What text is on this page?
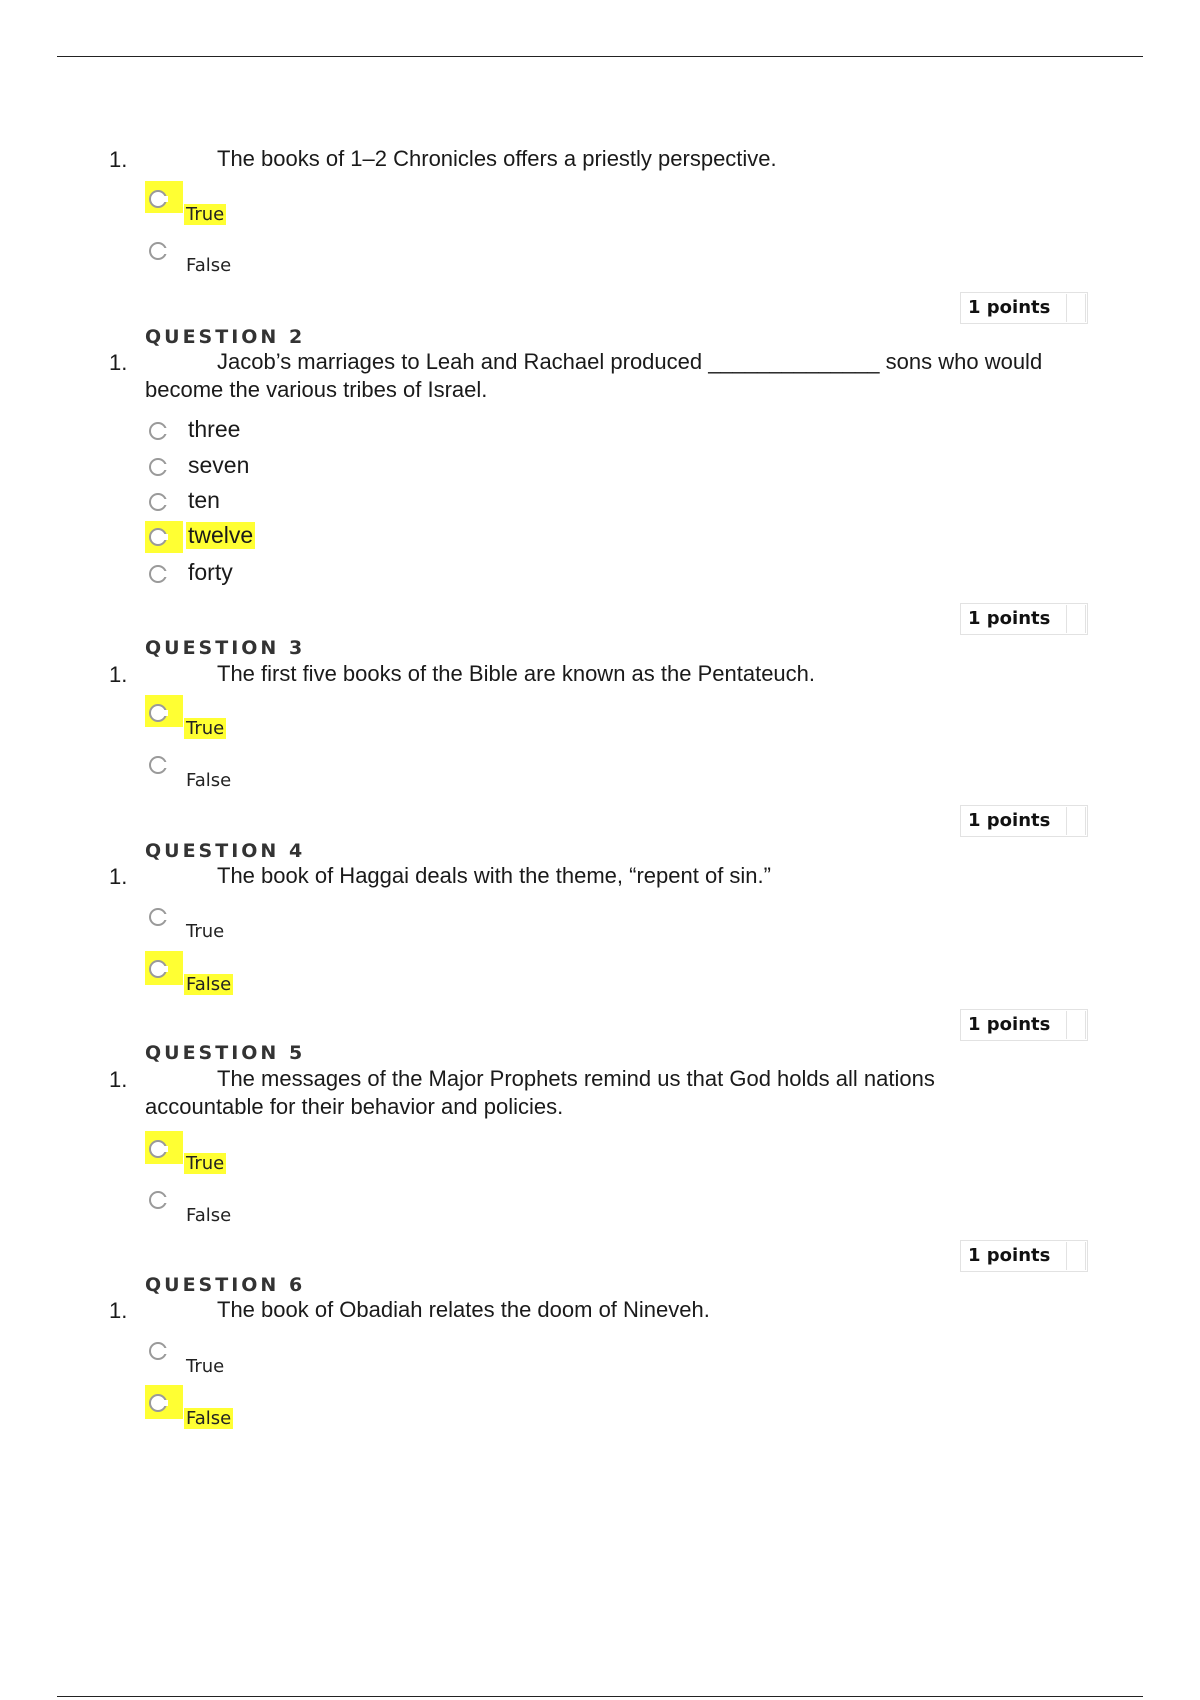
1.	The books of 1–2 Chronicles offers a priestly perspective.
True
False
1 points
QUESTION 2
1.	Jacob’s marriages to Leah and Rachael produced ______________ sons who would become the various tribes of Israel.
three
seven
ten
twelve
forty
1 points
QUESTION 3
1.	The first five books of the Bible are known as the Pentateuch.
True
False
1 points
QUESTION 4
1.	The book of Haggai deals with the theme, “repent of sin.”
True
False
1 points
QUESTION 5
1.	The messages of the Major Prophets remind us that God holds all nations accountable for their behavior and policies.
True
False
1 points
QUESTION 6
1.	The book of Obadiah relates the doom of Nineveh.
True
False
